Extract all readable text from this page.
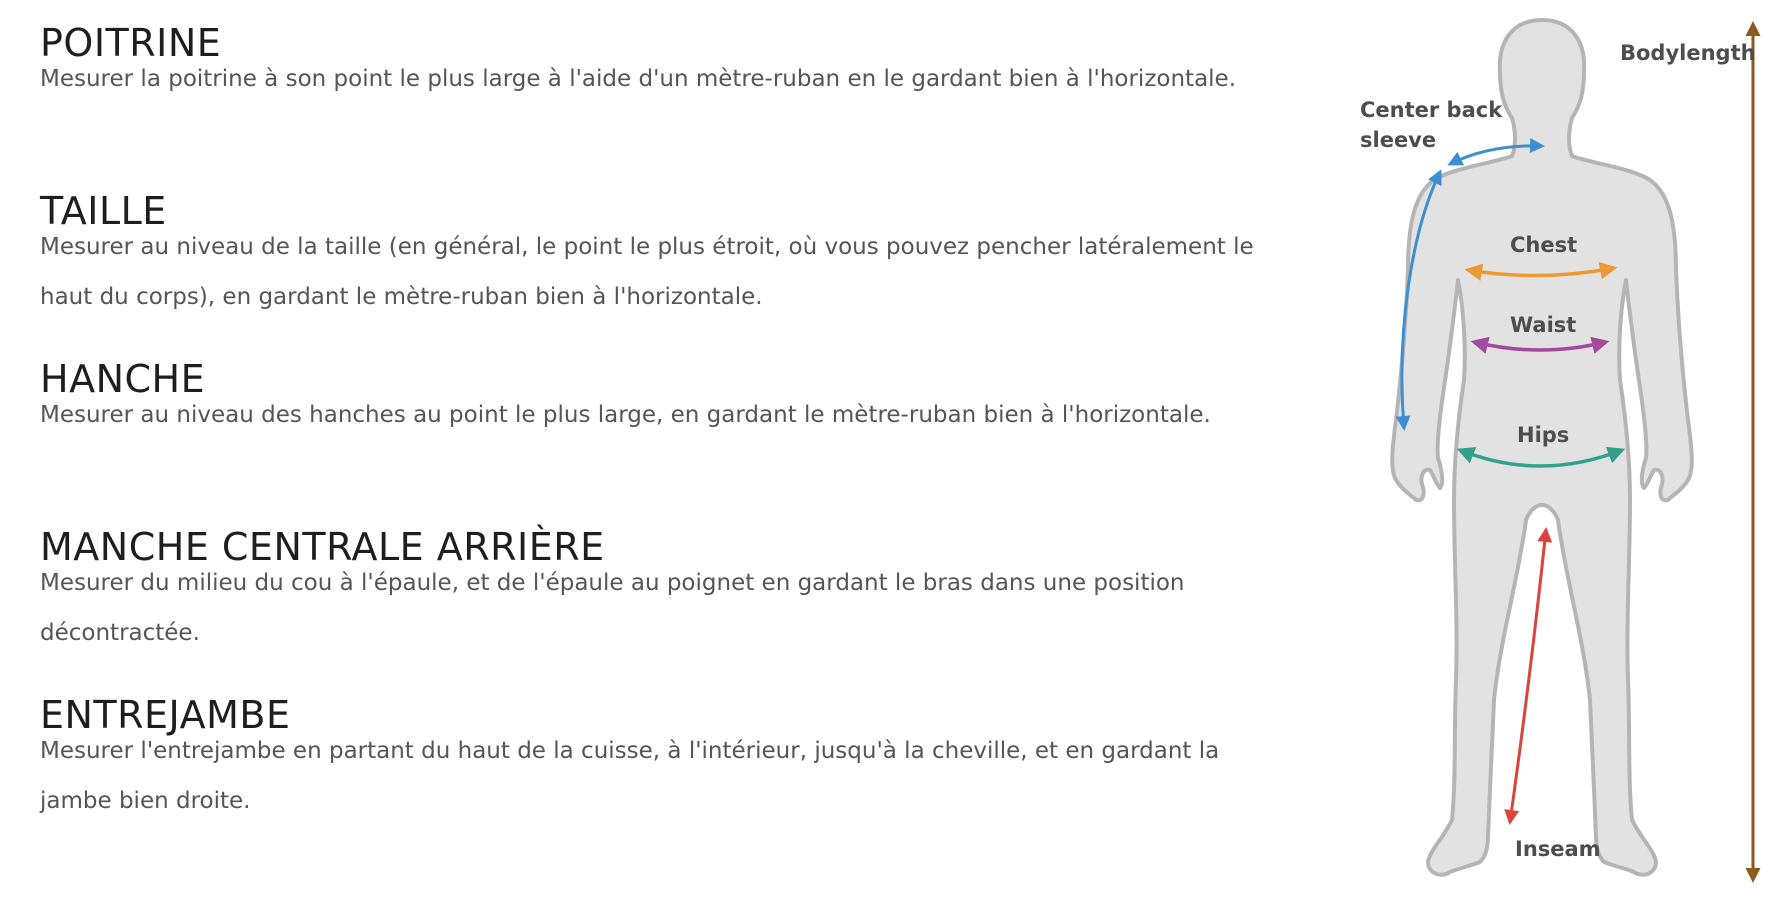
POITRINE

Mesurer la poitrine à son point le plus large à l'aide d'un mètre-ruban en le gardant bien à l'horizontale.

TAILLE

Mesurer au niveau de la taille (en général, le point le plus étroit, où vous pouvez pencher latéralement le haut du corps), en gardant le mètre-ruban bien à l'horizontale.

HANCHE

Mesurer au niveau des hanches au point le plus large, en gardant le mètre-ruban bien à l'horizontale.

MANCHE CENTRALE ARRIÈRE

Mesurer du milieu du cou à l'épaule, et de l'épaule au poignet en gardant le bras dans une position décontractée.

ENTREJAMBE

Mesurer l'entrejambe en partant du haut de la cuisse, à l'intérieur, jusqu'à la cheville, et en gardant la jambe bien droite.

Bodylength
Center back
sleeve
Chest
Waist
Hips
Inseam
